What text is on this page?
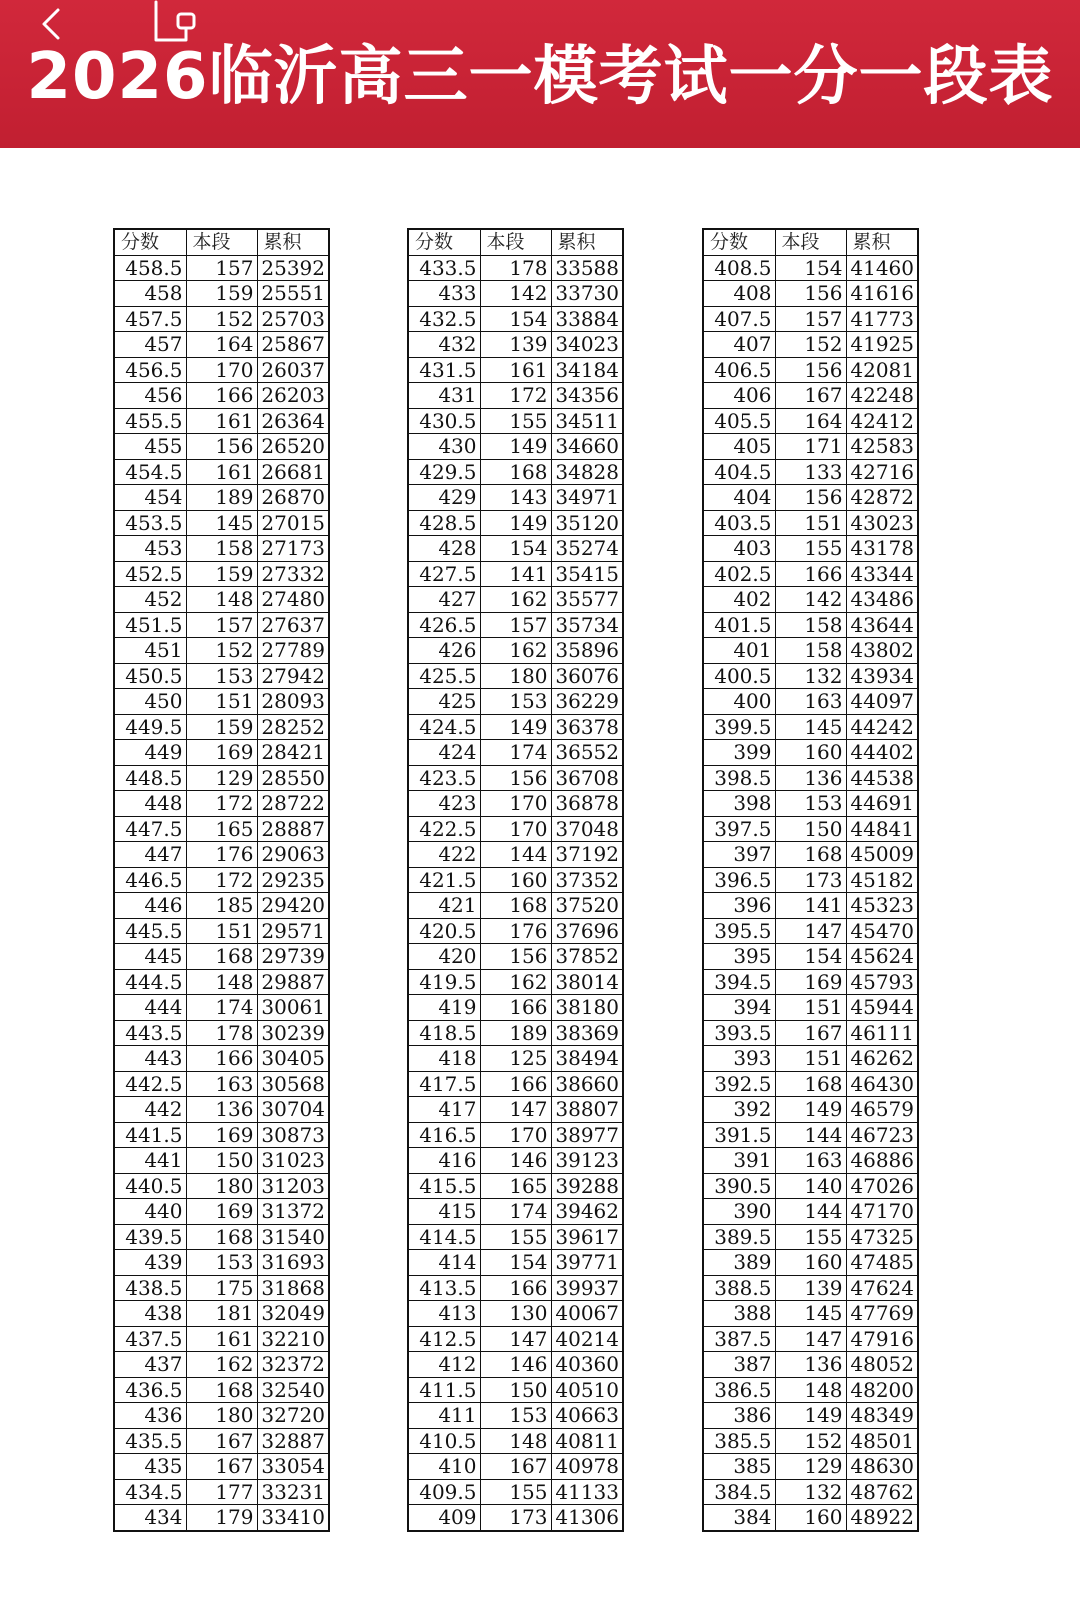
2026临沂高三一模考试一分一段表
分数	本段	累积
458.5	157	25392
458	159	25551
457.5	152	25703
457	164	25867
456.5	170	26037
456	166	26203
455.5	161	26364
455	156	26520
454.5	161	26681
454	189	26870
453.5	145	27015
453	158	27173
452.5	159	27332
452	148	27480
451.5	157	27637
451	152	27789
450.5	153	27942
450	151	28093
449.5	159	28252
449	169	28421
448.5	129	28550
448	172	28722
447.5	165	28887
447	176	29063
446.5	172	29235
446	185	29420
445.5	151	29571
445	168	29739
444.5	148	29887
444	174	30061
443.5	178	30239
443	166	30405
442.5	163	30568
442	136	30704
441.5	169	30873
441	150	31023
440.5	180	31203
440	169	31372
439.5	168	31540
439	153	31693
438.5	175	31868
438	181	32049
437.5	161	32210
437	162	32372
436.5	168	32540
436	180	32720
435.5	167	32887
435	167	33054
434.5	177	33231
434	179	33410
分数	本段	累积
433.5	178	33588
433	142	33730
432.5	154	33884
432	139	34023
431.5	161	34184
431	172	34356
430.5	155	34511
430	149	34660
429.5	168	34828
429	143	34971
428.5	149	35120
428	154	35274
427.5	141	35415
427	162	35577
426.5	157	35734
426	162	35896
425.5	180	36076
425	153	36229
424.5	149	36378
424	174	36552
423.5	156	36708
423	170	36878
422.5	170	37048
422	144	37192
421.5	160	37352
421	168	37520
420.5	176	37696
420	156	37852
419.5	162	38014
419	166	38180
418.5	189	38369
418	125	38494
417.5	166	38660
417	147	38807
416.5	170	38977
416	146	39123
415.5	165	39288
415	174	39462
414.5	155	39617
414	154	39771
413.5	166	39937
413	130	40067
412.5	147	40214
412	146	40360
411.5	150	40510
411	153	40663
410.5	148	40811
410	167	40978
409.5	155	41133
409	173	41306
分数	本段	累积
408.5	154	41460
408	156	41616
407.5	157	41773
407	152	41925
406.5	156	42081
406	167	42248
405.5	164	42412
405	171	42583
404.5	133	42716
404	156	42872
403.5	151	43023
403	155	43178
402.5	166	43344
402	142	43486
401.5	158	43644
401	158	43802
400.5	132	43934
400	163	44097
399.5	145	44242
399	160	44402
398.5	136	44538
398	153	44691
397.5	150	44841
397	168	45009
396.5	173	45182
396	141	45323
395.5	147	45470
395	154	45624
394.5	169	45793
394	151	45944
393.5	167	46111
393	151	46262
392.5	168	46430
392	149	46579
391.5	144	46723
391	163	46886
390.5	140	47026
390	144	47170
389.5	155	47325
389	160	47485
388.5	139	47624
388	145	47769
387.5	147	47916
387	136	48052
386.5	148	48200
386	149	48349
385.5	152	48501
385	129	48630
384.5	132	48762
384	160	48922
